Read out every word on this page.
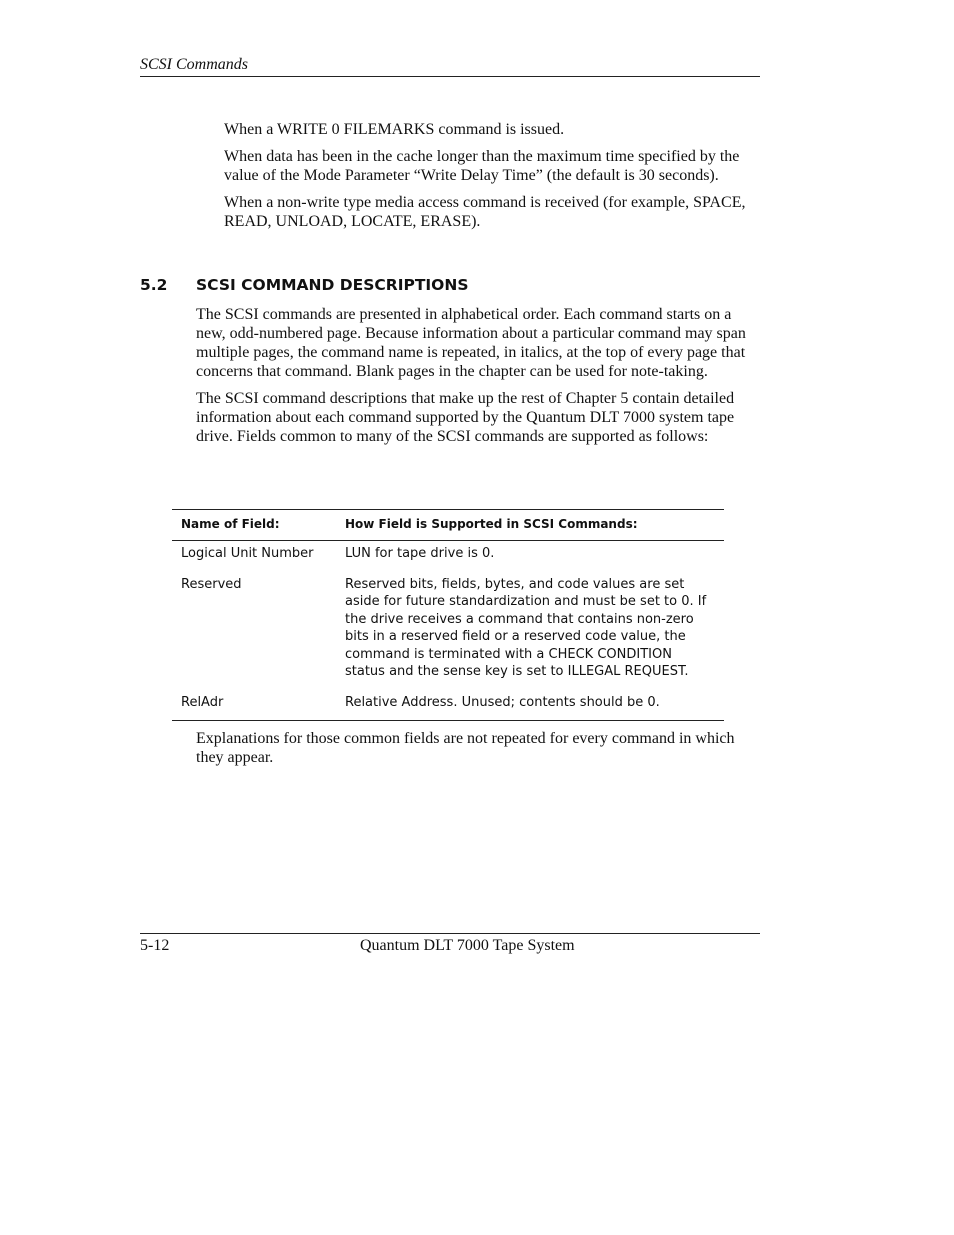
SCSI Commands

When a WRITE 0 FILEMARKS command is issued.

When data has been in the cache longer than the maximum time specified by the value of the Mode Parameter “Write Delay Time” (the default is 30 seconds).

When a non-write type media access command is received (for example, SPACE, READ, UNLOAD, LOCATE, ERASE).

5.2 SCSI COMMAND DESCRIPTIONS

The SCSI commands are presented in alphabetical order. Each command starts on a new, odd-numbered page. Because information about a particular command may span multiple pages, the command name is repeated, in italics, at the top of every page that concerns that command. Blank pages in the chapter can be used for note-taking.

The SCSI command descriptions that make up the rest of Chapter 5 contain detailed information about each command supported by the Quantum DLT 7000 system tape drive. Fields common to many of the SCSI commands are supported as follows:

Name of Field:	How Field is Supported in SCSI Commands:
Logical Unit Number	LUN for tape drive is 0.
Reserved	Reserved bits, fields, bytes, and code values are set aside for future standardization and must be set to 0. If the drive receives a command that contains non-zero bits in a reserved field or a reserved code value, the command is terminated with a CHECK CONDITION status and the sense key is set to ILLEGAL REQUEST.
RelAdr	Relative Address. Unused; contents should be 0.

Explanations for those common fields are not repeated for every command in which they appear.

5-12	Quantum DLT 7000 Tape System
